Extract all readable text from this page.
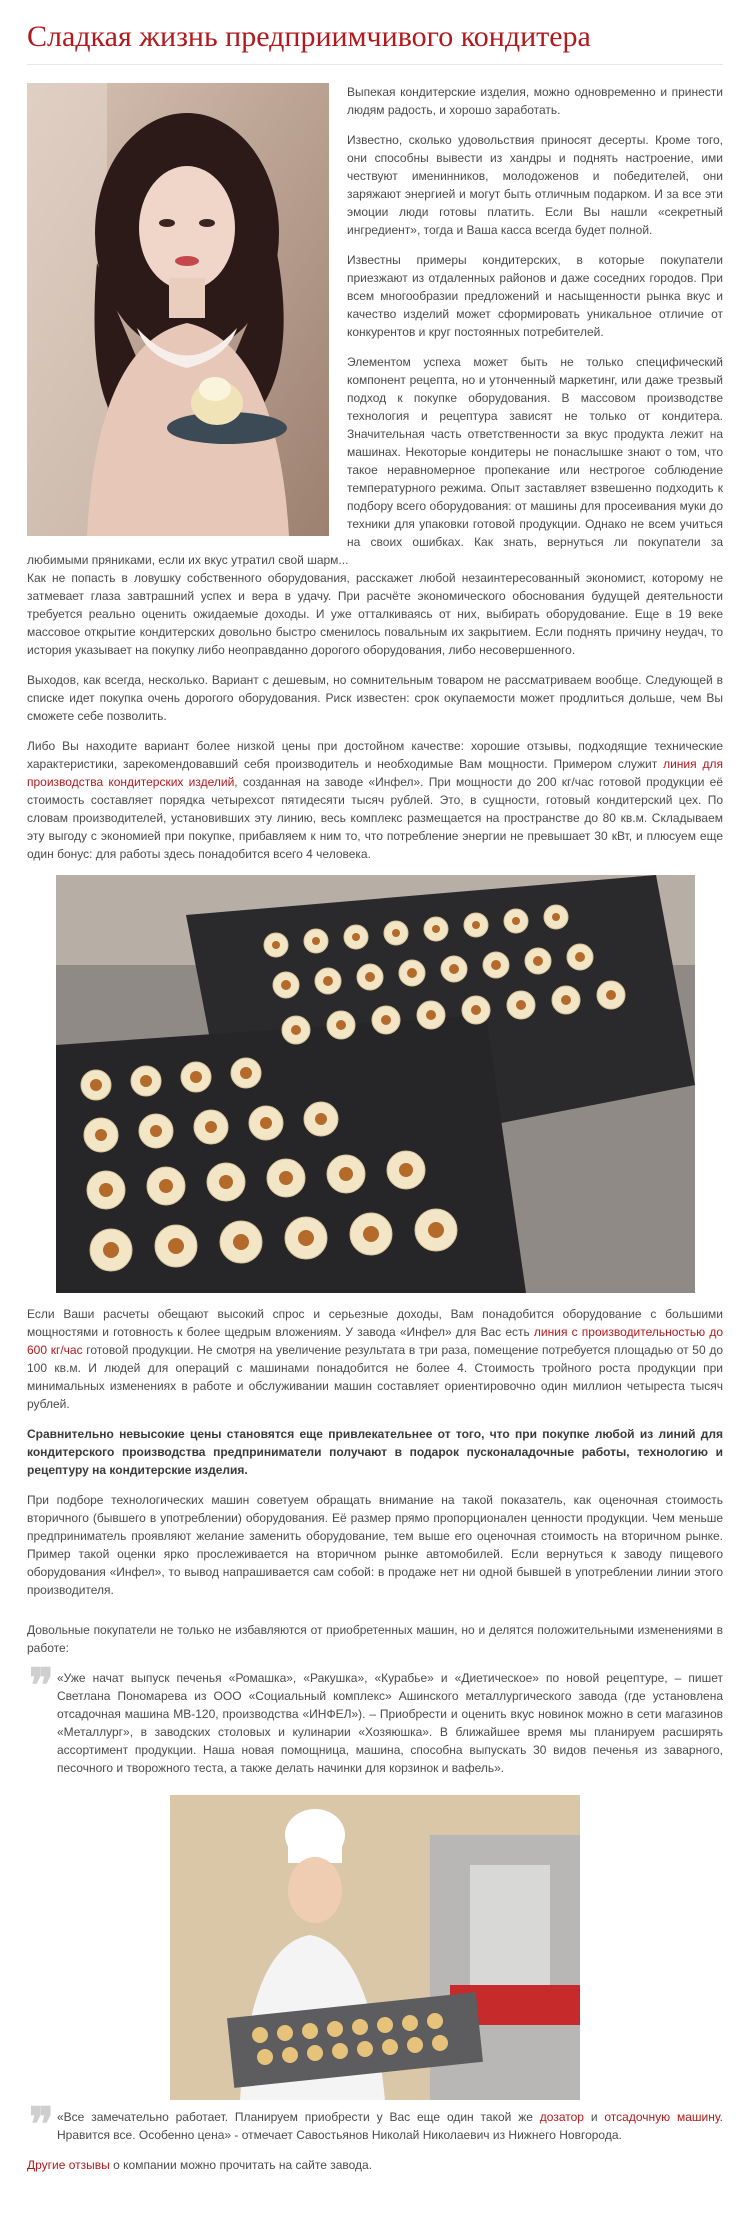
Сладкая жизнь предприимчивого кондитера

Выпекая кондитерские изделия, можно одновременно и принести людям радость, и хорошо заработать.

Известно, сколько удовольствия приносят десерты. Кроме того, они способны вывести из хандры и поднять настроение, ими чествуют именинников, молодоженов и победителей, они заряжают энергией и могут быть отличным подарком. И за все эти эмоции люди готовы платить. Если Вы нашли «секретный ингредиент», тогда и Ваша касса всегда будет полной.

Известны примеры кондитерских, в которые покупатели приезжают из отдаленных районов и даже соседних городов. При всем многообразии предложений и насыщенности рынка вкус и качество изделий может сформировать уникальное отличие от конкурентов и круг постоянных потребителей.

Элементом успеха может быть не только специфический компонент рецепта, но и утонченный маркетинг, или даже трезвый подход к покупке оборудования. В массовом производстве технология и рецептура зависят не только от кондитера. Значительная часть ответственности за вкус продукта лежит на машинах. Некоторые кондитеры не понаслышке знают о том, что такое неравномерное пропекание или нестрогое соблюдение температурного режима. Опыт заставляет взвешенно подходить к подбору всего оборудования: от машины для просеивания муки до техники для упаковки готовой продукции. Однако не всем учиться на своих ошибках. Как знать, вернуться ли покупатели за любимыми пряниками, если их вкус утратил свой шарм...

Как не попасть в ловушку собственного оборудования, расскажет любой незаинтересованный экономист, которому не затмевает глаза завтрашний успех и вера в удачу. При расчёте экономического обоснования будущей деятельности требуется реально оценить ожидаемые доходы. И уже отталкиваясь от них, выбирать оборудование. Еще в 19 веке массовое открытие кондитерских довольно быстро сменилось повальным их закрытием. Если поднять причину неудач, то история указывает на покупку либо неоправданно дорогого оборудования, либо несовершенного.

Выходов, как всегда, несколько. Вариант с дешевым, но сомнительным товаром не рассматриваем вообще. Следующей в списке идет покупка очень дорогого оборудования. Риск известен: срок окупаемости может продлиться дольше, чем Вы сможете себе позволить.

Либо Вы находите вариант более низкой цены при достойном качестве: хорошие отзывы, подходящие технические характеристики, зарекомендовавший себя производитель и необходимые Вам мощности. Примером служит линия для производства кондитерских изделий, созданная на заводе «Инфел». При мощности до 200 кг/час готовой продукции её стоимость составляет порядка четырехсот пятидесяти тысяч рублей. Это, в сущности, готовый кондитерский цех. По словам производителей, установивших эту линию, весь комплекс размещается на пространстве до 80 кв.м. Складываем эту выгоду с экономией при покупке, прибавляем к ним то, что потребление энергии не превышает 30 кВт, и плюсуем еще один бонус: для работы здесь понадобится всего 4 человека.

Если Ваши расчеты обещают высокий спрос и серьезные доходы, Вам понадобится оборудование с большими мощностями и готовность к более щедрым вложениям. У завода «Инфел» для Вас есть линия с производительностью до 600 кг/час готовой продукции. Не смотря на увеличение результата в три раза, помещение потребуется площадью от 50 до 100 кв.м. И людей для операций с машинами понадобится не более 4. Стоимость тройного роста продукции при минимальных изменениях в работе и обслуживании машин составляет ориентировочно один миллион четыреста тысяч рублей.

Сравнительно невысокие цены становятся еще привлекательнее от того, что при покупке любой из линий для кондитерского производства предприниматели получают в подарок пусконаладочные работы, технологию и рецептуру на кондитерские изделия.

При подборе технологических машин советуем обращать внимание на такой показатель, как оценочная стоимость вторичного (бывшего в употреблении) оборудования. Её размер прямо пропорционален ценности продукции. Чем меньше предприниматель проявляют желание заменить оборудование, тем выше его оценочная стоимость на вторичном рынке. Пример такой оценки ярко прослеживается на вторичном рынке автомобилей. Если вернуться к заводу пищевого оборудования «Инфел», то вывод напрашивается сам собой: в продаже нет ни одной бывшей в употреблении линии этого производителя.

Довольные покупатели не только не избавляются от приобретенных машин, но и делятся положительными изменениями в работе:

❞ «Уже начат выпуск печенья «Ромашка», «Ракушка», «Курабье» и «Диетическое» по новой рецептуре, – пишет Светлана Пономарева из ООО «Социальный комплекс» Ашинского металлургического завода (где установлена отсадочная машина МВ-120, производства «ИНФЕЛ»). – Приобрести и оценить вкус новинок можно в сети магазинов «Металлург», в заводских столовых и кулинарии «Хозяюшка». В ближайшее время мы планируем расширять ассортимент продукции. Наша новая помощница, машина, способна выпускать 30 видов печенья из заварного, песочного и творожного теста, а также делать начинки для корзинок и вафель».

❞ «Все замечательно работает. Планируем приобрести у Вас еще один такой же дозатор и отсадочную машину. Нравится все. Особенно цена» - отмечает Савостьянов Николай Николаевич из Нижнего Новгорода.

Другие отзывы о компании можно прочитать на сайте завода.
